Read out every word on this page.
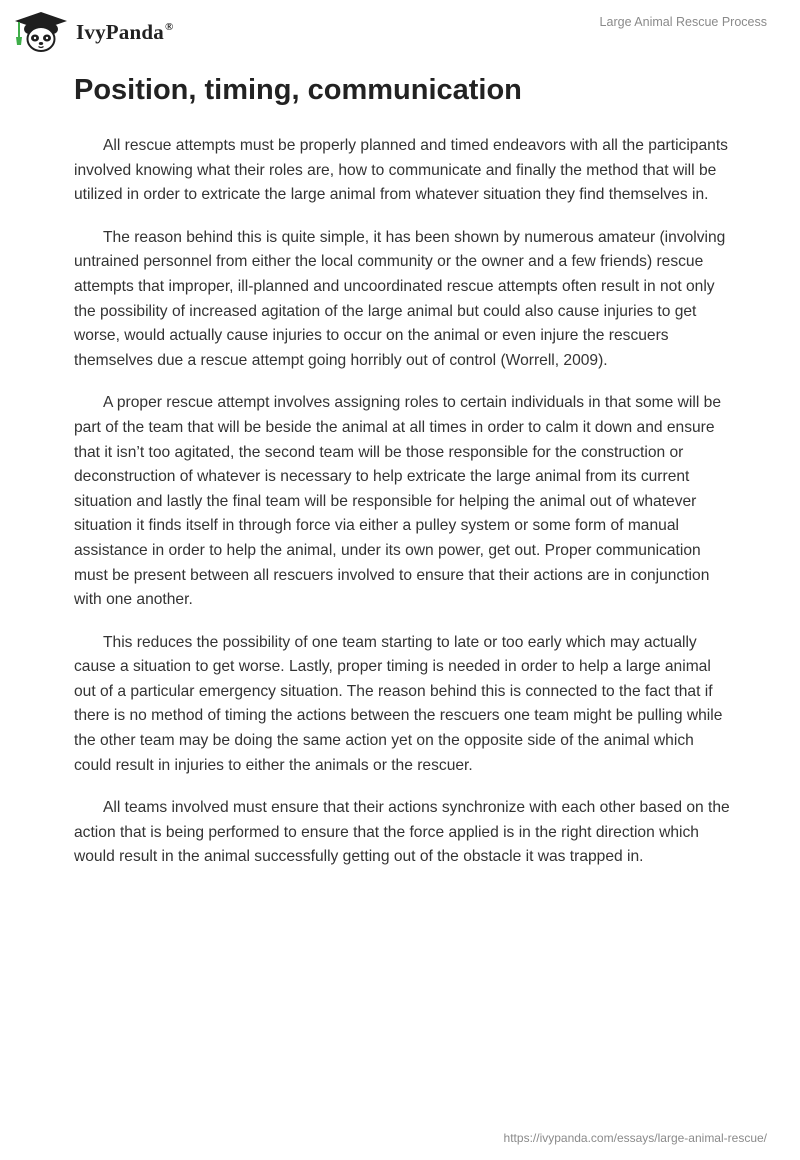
IvyPanda®	Large Animal Rescue Process
Position, timing, communication

All rescue attempts must be properly planned and timed endeavors with all the participants involved knowing what their roles are, how to communicate and finally the method that will be utilized in order to extricate the large animal from whatever situation they find themselves in.

The reason behind this is quite simple, it has been shown by numerous amateur (involving untrained personnel from either the local community or the owner and a few friends) rescue attempts that improper, ill-planned and uncoordinated rescue attempts often result in not only the possibility of increased agitation of the large animal but could also cause injuries to get worse, would actually cause injuries to occur on the animal or even injure the rescuers themselves due a rescue attempt going horribly out of control (Worrell, 2009).

A proper rescue attempt involves assigning roles to certain individuals in that some will be part of the team that will be beside the animal at all times in order to calm it down and ensure that it isn’t too agitated, the second team will be those responsible for the construction or deconstruction of whatever is necessary to help extricate the large animal from its current situation and lastly the final team will be responsible for helping the animal out of whatever situation it finds itself in through force via either a pulley system or some form of manual assistance in order to help the animal, under its own power, get out. Proper communication must be present between all rescuers involved to ensure that their actions are in conjunction with one another.

This reduces the possibility of one team starting to late or too early which may actually cause a situation to get worse. Lastly, proper timing is needed in order to help a large animal out of a particular emergency situation. The reason behind this is connected to the fact that if there is no method of timing the actions between the rescuers one team might be pulling while the other team may be doing the same action yet on the opposite side of the animal which could result in injuries to either the animals or the rescuer.

All teams involved must ensure that their actions synchronize with each other based on the action that is being performed to ensure that the force applied is in the right direction which would result in the animal successfully getting out of the obstacle it was trapped in.

https://ivypanda.com/essays/large-animal-rescue/
